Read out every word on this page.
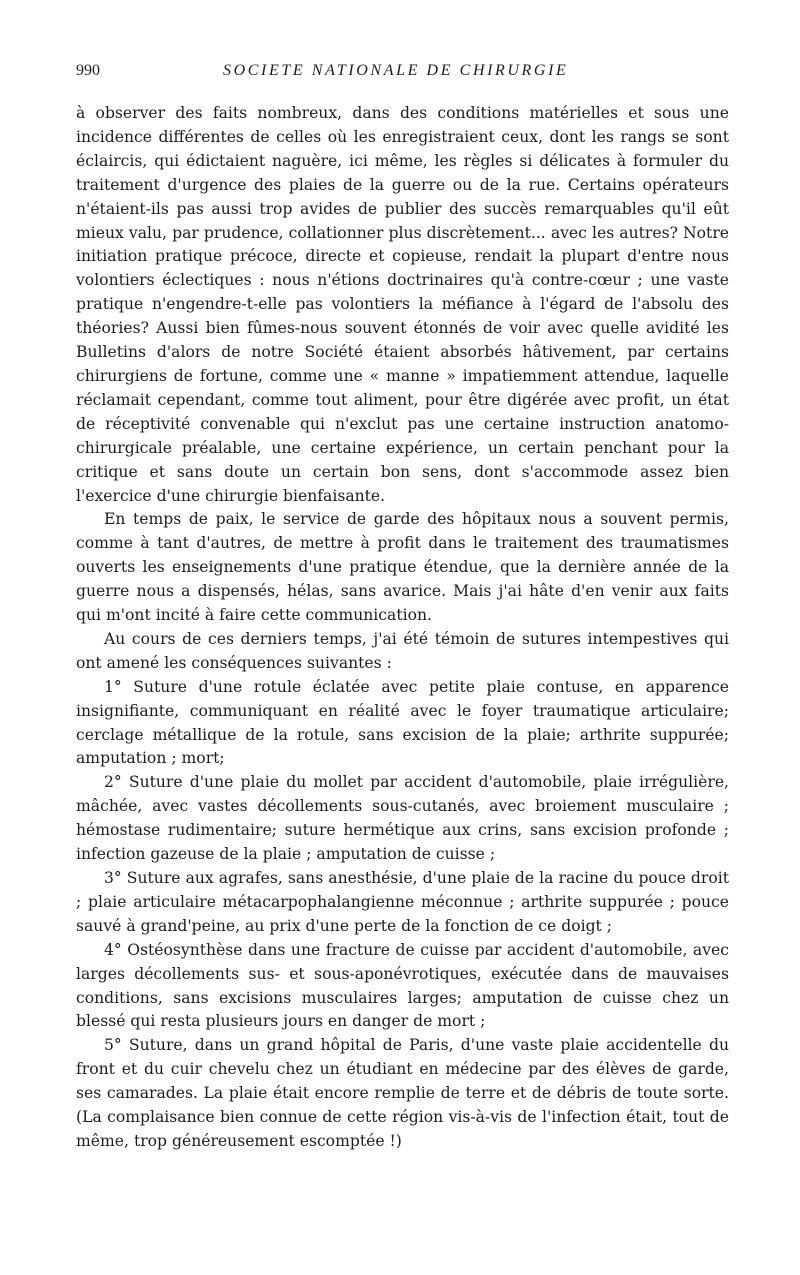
990	SOCIETE NATIONALE DE CHIRURGIE

à observer des faits nombreux, dans des conditions matérielles et sous une incidence différentes de celles où les enregistraient ceux, dont les rangs se sont éclaircis, qui édictaient naguère, ici même, les règles si délicates à formuler du traitement d'urgence des plaies de la guerre ou de la rue. Certains opérateurs n'étaient-ils pas aussi trop avides de publier des succès remarquables qu'il eût mieux valu, par prudence, collationner plus discrètement... avec les autres? Notre initiation pratique précoce, directe et copieuse, rendait la plupart d'entre nous volontiers éclectiques : nous n'étions doctrinaires qu'à contre-cœur ; une vaste pratique n'engendre-t-elle pas volontiers la méfiance à l'égard de l'absolu des théories? Aussi bien fûmes-nous souvent étonnés de voir avec quelle avidité les Bulletins d'alors de notre Société étaient absorbés hâtivement, par certains chirurgiens de fortune, comme une « manne » impatiemment attendue, laquelle réclamait cependant, comme tout aliment, pour être digérée avec profit, un état de réceptivité convenable qui n'exclut pas une certaine instruction anatomo-chirurgicale préalable, une certaine expérience, un certain penchant pour la critique et sans doute un certain bon sens, dont s'accommode assez bien l'exercice d'une chirurgie bienfaisante.

En temps de paix, le service de garde des hôpitaux nous a souvent permis, comme à tant d'autres, de mettre à profit dans le traitement des traumatismes ouverts les enseignements d'une pratique étendue, que la dernière année de la guerre nous a dispensés, hélas, sans avarice. Mais j'ai hâte d'en venir aux faits qui m'ont incité à faire cette communication.

Au cours de ces derniers temps, j'ai été témoin de sutures intempestives qui ont amené les conséquences suivantes :

1° Suture d'une rotule éclatée avec petite plaie contuse, en apparence insignifiante, communiquant en réalité avec le foyer traumatique articulaire; cerclage métallique de la rotule, sans excision de la plaie; arthrite suppurée; amputation ; mort;

2° Suture d'une plaie du mollet par accident d'automobile, plaie irrégulière, mâchée, avec vastes décollements sous-cutanés, avec broiement musculaire ; hémostase rudimentaire; suture hermétique aux crins, sans excision profonde ; infection gazeuse de la plaie ; amputation de cuisse ;

3° Suture aux agrafes, sans anesthésie, d'une plaie de la racine du pouce droit ; plaie articulaire métacarpophalangienne méconnue ; arthrite suppurée ; pouce sauvé à grand'peine, au prix d'une perte de la fonction de ce doigt ;

4° Ostéosynthèse dans une fracture de cuisse par accident d'automobile, avec larges décollements sus- et sous-aponévrotiques, exécutée dans de mauvaises conditions, sans excisions musculaires larges; amputation de cuisse chez un blessé qui resta plusieurs jours en danger de mort ;

5° Suture, dans un grand hôpital de Paris, d'une vaste plaie accidentelle du front et du cuir chevelu chez un étudiant en médecine par des élèves de garde, ses camarades. La plaie était encore remplie de terre et de débris de toute sorte. (La complaisance bien connue de cette région vis-à-vis de l'infection était, tout de même, trop généreusement escomptée !)
